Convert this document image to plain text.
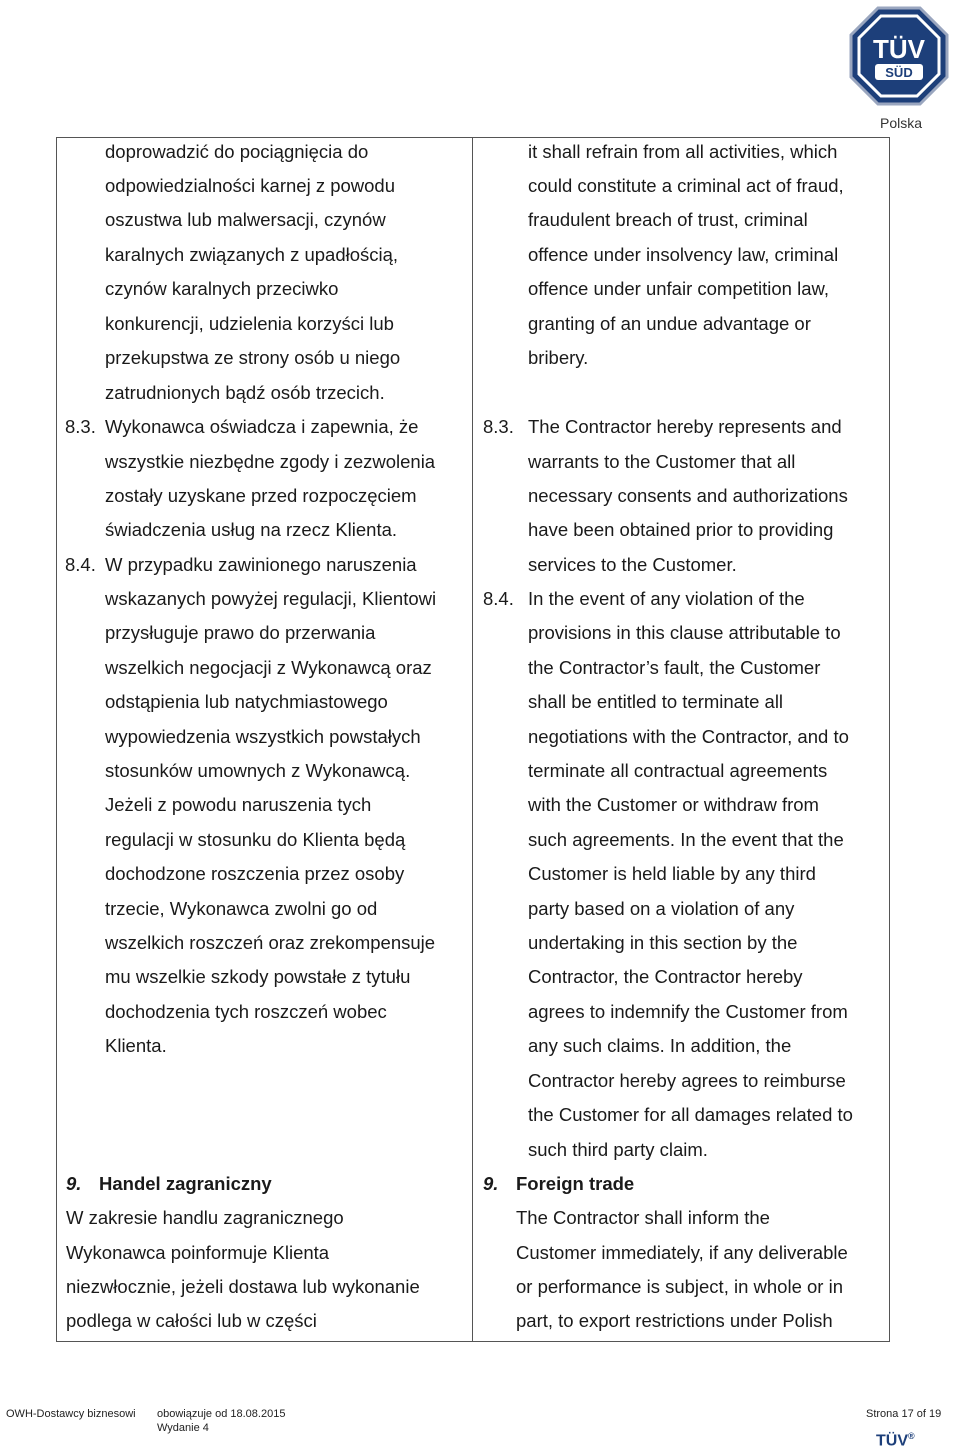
TÜV
SÜD
Polska
doprowadzić do pociągnięcia do
odpowiedzialności karnej z powodu
oszustwa lub malwersacji, czynów
karalnych związanych z upadłością,
czynów karalnych przeciwko
konkurencji, udzielenia korzyści lub
przekupstwa ze strony osób u niego
zatrudnionych bądź osób trzecich.
8.3. Wykonawca oświadcza i zapewnia, że
wszystkie niezbędne zgody i zezwolenia
zostały uzyskane przed rozpoczęciem
świadczenia usług na rzecz Klienta.
8.4. W przypadku zawinionego naruszenia
wskazanych powyżej regulacji, Klientowi
przysługuje prawo do przerwania
wszelkich negocjacji z Wykonawcą oraz
odstąpienia lub natychmiastowego
wypowiedzenia wszystkich powstałych
stosunków umownych z Wykonawcą.
Jeżeli z powodu naruszenia tych
regulacji w stosunku do Klienta będą
dochodzone roszczenia przez osoby
trzecie, Wykonawca zwolni go od
wszelkich roszczeń oraz zrekompensuje
mu wszelkie szkody powstałe z tytułu
dochodzenia tych roszczeń wobec
Klienta.
9. Handel zagraniczny
W zakresie handlu zagranicznego
Wykonawca poinformuje Klienta
niezwłocznie, jeżeli dostawa lub wykonanie
podlega w całości lub w części
it shall refrain from all activities, which
could constitute a criminal act of fraud,
fraudulent breach of trust, criminal
offence under insolvency law, criminal
offence under unfair competition law,
granting of an undue advantage or
bribery.
8.3. The Contractor hereby represents and
warrants to the Customer that all
necessary consents and authorizations
have been obtained prior to providing
services to the Customer.
8.4. In the event of any violation of the
provisions in this clause attributable to
the Contractor’s fault, the Customer
shall be entitled to terminate all
negotiations with the Contractor, and to
terminate all contractual agreements
with the Customer or withdraw from
such agreements. In the event that the
Customer is held liable by any third
party based on a violation of any
undertaking in this section by the
Contractor, the Contractor hereby
agrees to indemnify the Customer from
any such claims. In addition, the
Contractor hereby agrees to reimburse
the Customer for all damages related to
such third party claim.
9. Foreign trade
The Contractor shall inform the
Customer immediately, if any deliverable
or performance is subject, in whole or in
part, to export restrictions under Polish
OWH-Dostawcy biznesowi obowiązuje od 18.08.2015
Wydanie 4
Strona 17 of 19
TÜV®
